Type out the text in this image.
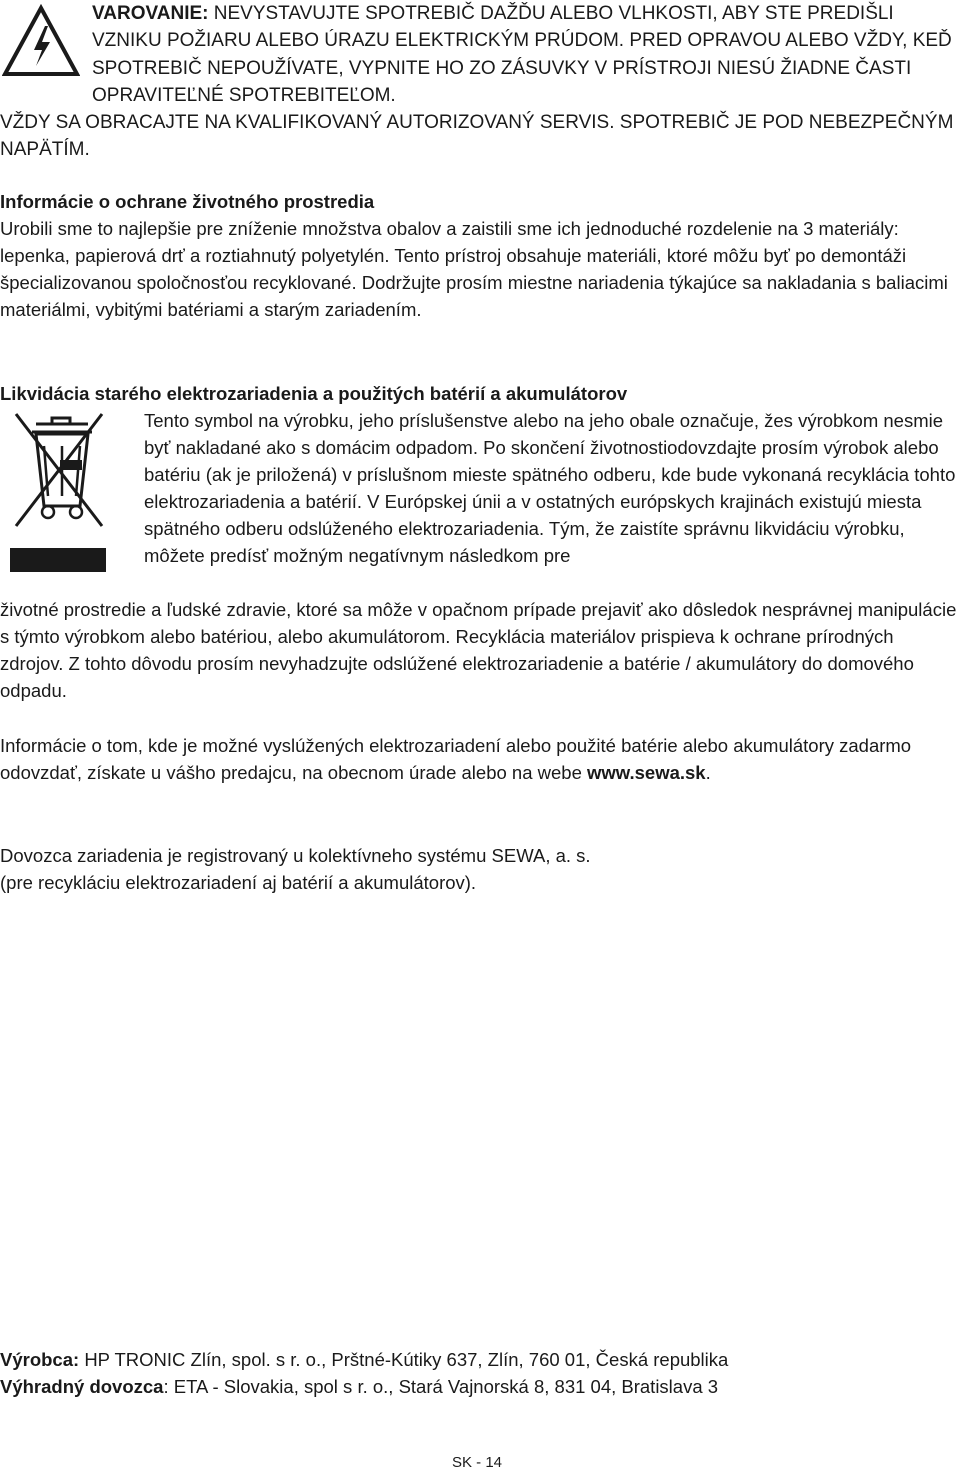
VAROVANIE: NEVYSTAVUJTE SPOTREBIČ DAŽĎU ALEBO VLHKOSTI, ABY STE PREDIŠLI VZNIKU POŽIARU ALEBO ÚRAZU ELEKTRICKÝM PRÚDOM. PRED OPRAVOU ALEBO VŽDY, KEĎ SPOTREBIČ NEPOUŽÍVATE, VYPNITE HO ZO ZÁSUVKY V PRÍSTROJI NIESÚ ŽIADNE ČASTI OPRAVITEĽNÉ SPOTREBITEĽOM.
VŽDY SA OBRACAJTE NA KVALIFIKOVANÝ AUTORIZOVANÝ SERVIS. SPOTREBIČ JE POD NEBEZPEČNÝM NAPÄTÍM.
Informácie o ochrane životného prostredia
Urobili sme to najlepšie pre zníženie množstva obalov a zaistili sme ich jednoduché rozdelenie na 3 materiály: lepenka, papierová drť a roztiahnutý polyetylén. Tento prístroj obsahuje materiáli, ktoré môžu byť po demontáži špecializovanou spoločnosťou recyklované. Dodržujte prosím miestne nariadenia týkajúce sa nakladania s baliacimi materiálmi, vybitými batériami a starým zariadením.
Likvidácia starého elektrozariadenia a použitých batérií a akumulátorov
Tento symbol na výrobku, jeho príslušenstve alebo na jeho obale označuje, žes výrobkom nesmie byť nakladané ako s domácim odpadom. Po skončení životnostiodovzdajte prosím výrobok alebo batériu (ak je priložená) v príslušnom mieste spätného odberu, kde bude vykonaná recyklácia tohto elektrozariadenia a batérií. V Európskej únii a v ostatných európskych krajinách existujú miesta spätného odberu odslúženého elektrozariadenia. Tým, že zaistíte správnu likvidáciu výrobku, môžete predísť možným negatívnym následkom pre
životné prostredie a ľudské zdravie, ktoré sa môže v opačnom prípade prejaviť ako dôsledok nesprávnej manipulácie s týmto výrobkom alebo batériou, alebo akumulátorom. Recyklácia materiálov prispieva k ochrane prírodných zdrojov. Z tohto dôvodu prosím nevyhadzujte odslúžené elektrozariadenie a batérie / akumulátory do domového odpadu.
Informácie o tom, kde je možné vyslúžených elektrozariadení alebo použité batérie alebo akumulátory zadarmo odovzdať, získate u vášho predajcu, na obecnom úrade alebo na webe www.sewa.sk.
Dovozca zariadenia je registrovaný u kolektívneho systému SEWA, a. s.
(pre recykláciu elektrozariadení aj batérií a akumulátorov).
Výrobca: HP TRONIC Zlín, spol. s r. o., Prštné-Kútiky 637, Zlín, 760 01, Česká republika
Výhradný dovozca: ETA - Slovakia, spol s r. o., Stará Vajnorská 8, 831 04, Bratislava 3
SK - 14
